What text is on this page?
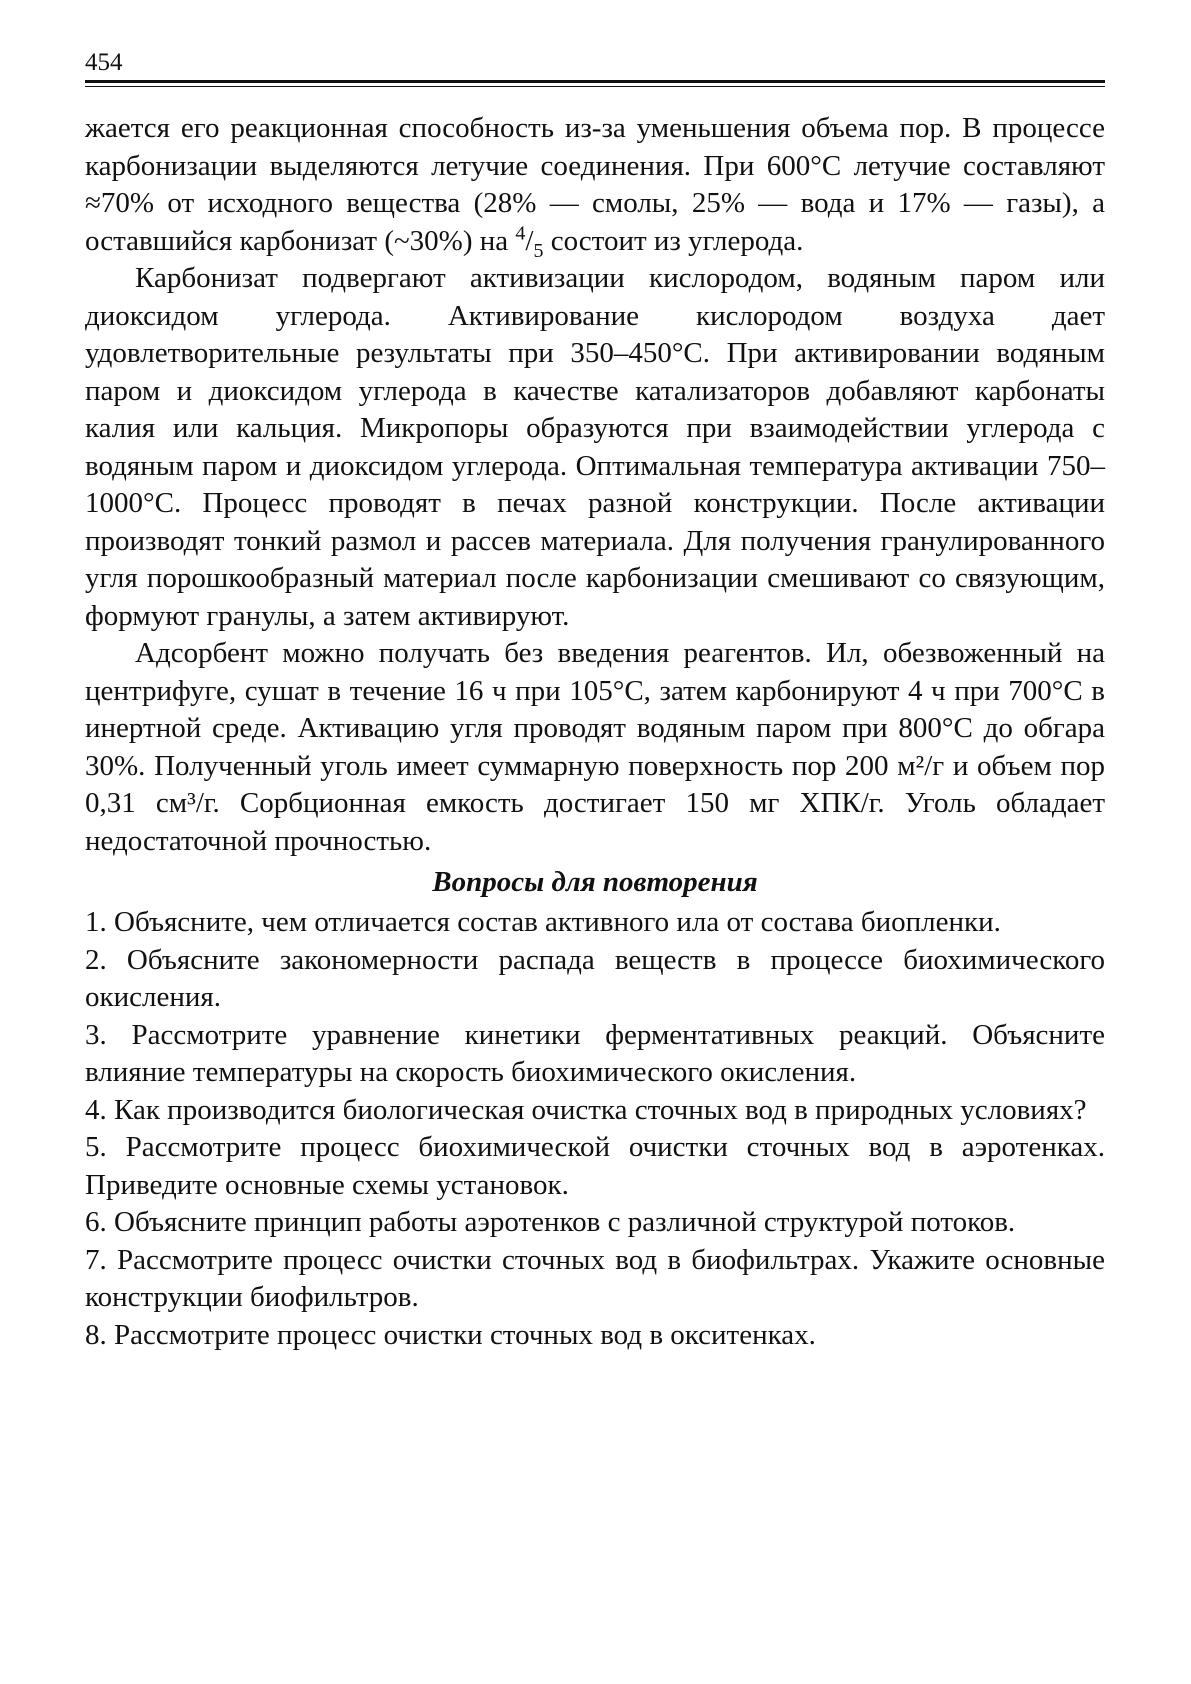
454

жается его реакционная способность из-за уменьшения объема пор. В процессе карбонизации выделяются летучие соединения. При 600°С летучие составляют ≈70% от исходного вещества (28% — смолы, 25% — вода и 17% — газы), а оставшийся карбонизат (~30%) на $^4/_5$ состоит из углерода.

Карбонизат подвергают активизации кислородом, водяным паром или диоксидом углерода. Активирование кислородом воздуха дает удовлетворительные результаты при 350–450°С. При активировании водяным паром и диоксидом углерода в качестве катализаторов добавляют карбонаты калия или кальция. Микропоры образуются при взаимодействии углерода с водяным паром и диоксидом углерода. Оптимальная температура активации 750–1000°С. Процесс проводят в печах разной конструкции. После активации производят тонкий размол и рассев материала. Для получения гранулированного угля порошкообразный материал после карбонизации смешивают со связующим, формуют гранулы, а затем активируют.

Адсорбент можно получать без введения реагентов. Ил, обезвоженный на центрифуге, сушат в течение 16 ч при 105°С, затем карбонируют 4 ч при 700°С в инертной среде. Активацию угля проводят водяным паром при 800°С до обгара 30%. Полученный уголь имеет суммарную поверхность пор 200 м²/г и объем пор 0,31 см³/г. Сорбционная емкость достигает 150 мг ХПК/г. Уголь обладает недостаточной прочностью.

Вопросы для повторения
1. Объясните, чем отличается состав активного ила от состава биопленки.
2. Объясните закономерности распада веществ в процессе биохимического окисления.
3. Рассмотрите уравнение кинетики ферментативных реакций. Объясните влияние температуры на скорость биохимического окисления.
4. Как производится биологическая очистка сточных вод в природных условиях?
5. Рассмотрите процесс биохимической очистки сточных вод в аэротенках. Приведите основные схемы установок.
6. Объясните принцип работы аэротенков с различной структурой потоков.
7. Рассмотрите процесс очистки сточных вод в биофильтрах. Укажите основные конструкции биофильтров.
8. Рассмотрите процесс очистки сточных вод в окситенках.
